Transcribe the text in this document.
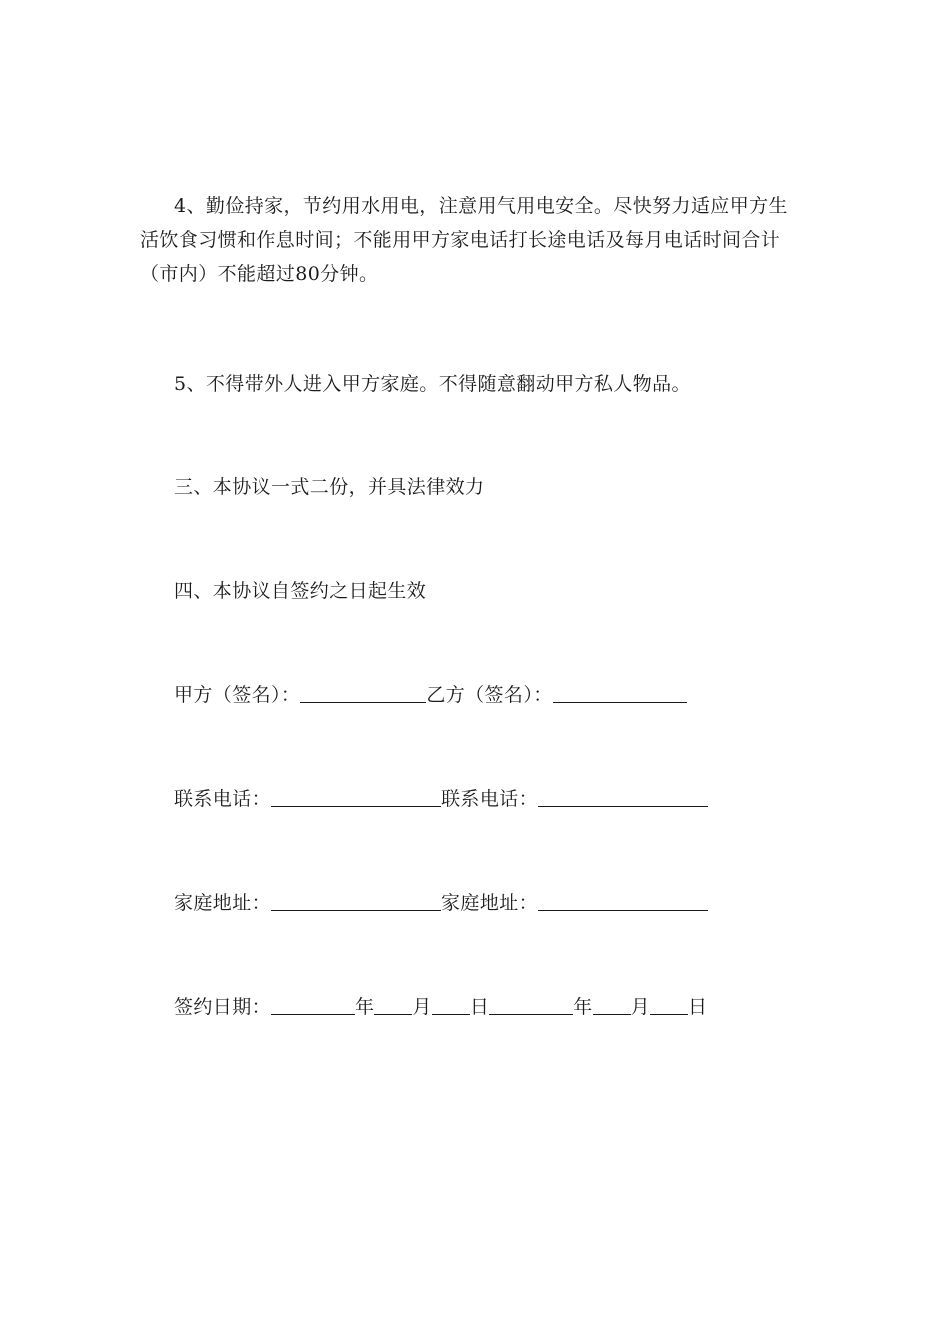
4、勤俭持家，节约用水用电，注意用气用电安全。尽快努力适应甲方生活饮食习惯和作息时间；不能用甲方家电话打长途电话及每月电话时间合计（市内）不能超过80分钟。

5、不得带外人进入甲方家庭。不得随意翻动甲方私人物品。

三、本协议一式二份，并具法律效力

四、本协议自签约之日起生效

甲方（签名）：	乙方（签名）：
联系电话：	联系电话：
家庭地址：	家庭地址：
签约日期：	年 月 日	年 月 日
